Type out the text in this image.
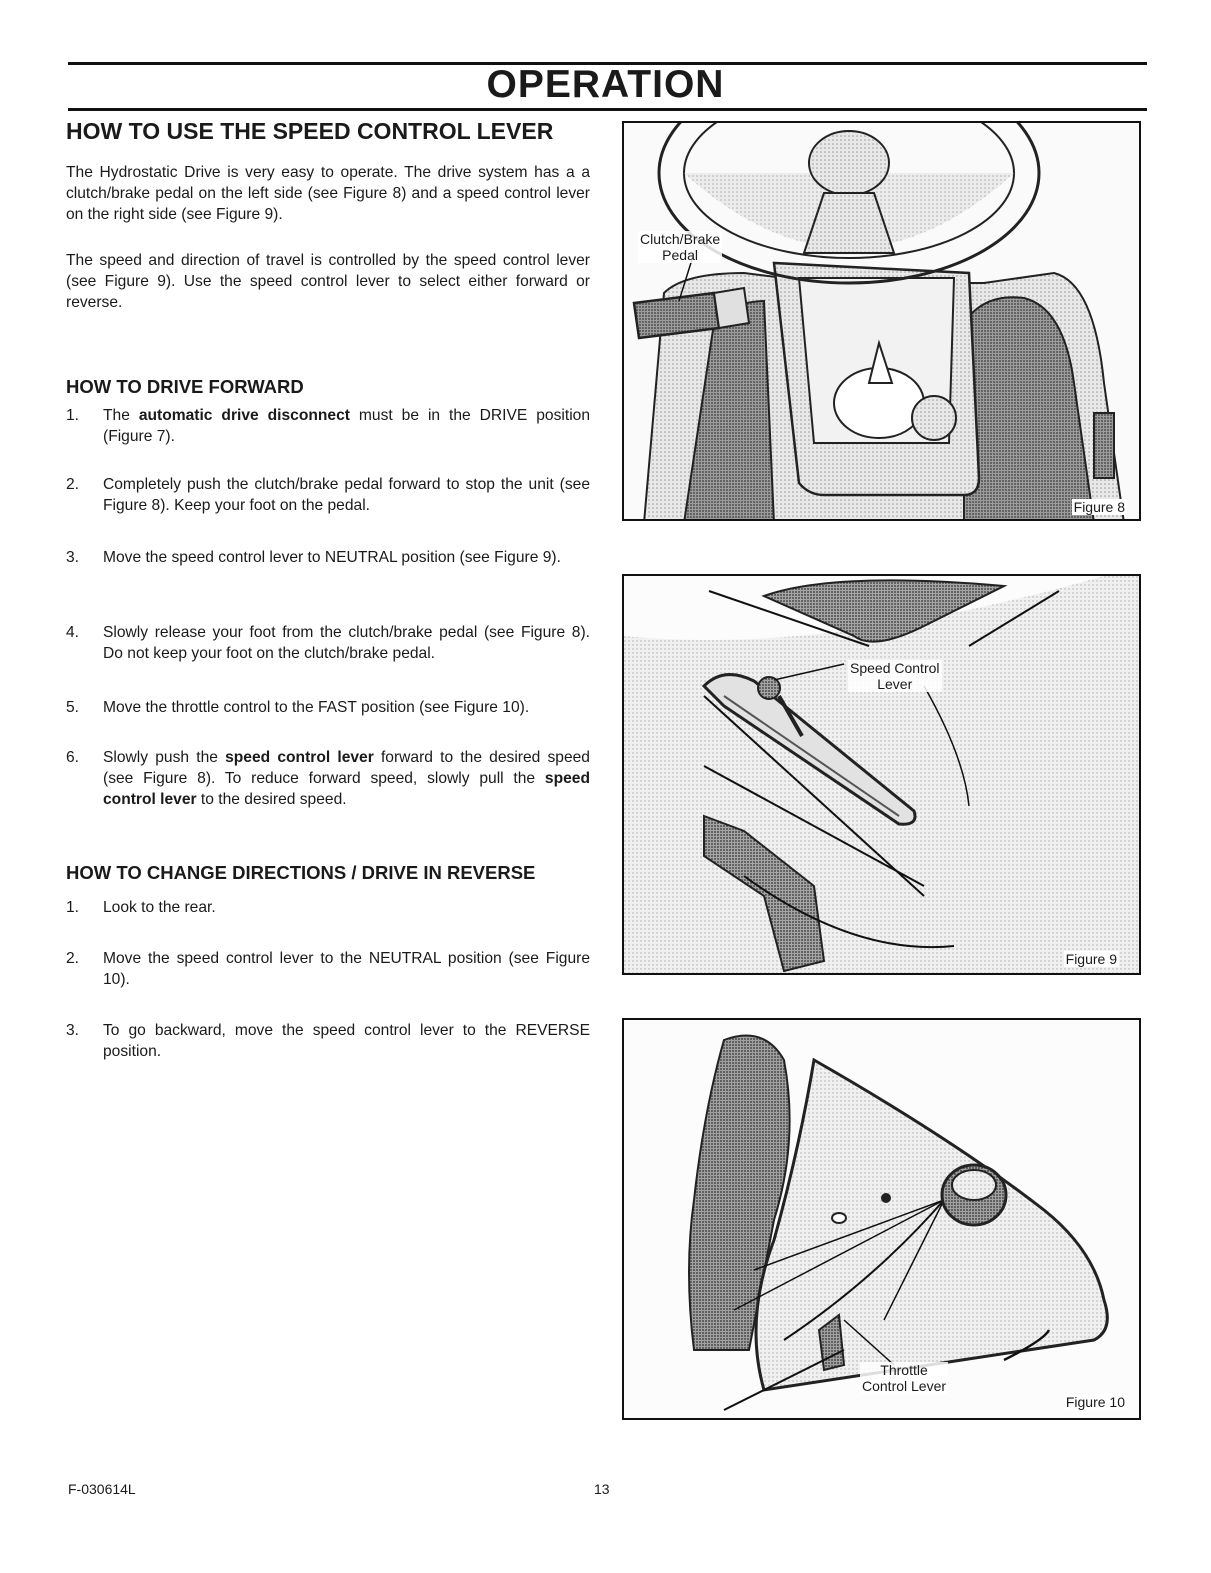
OPERATION
HOW TO USE THE SPEED CONTROL LEVER

The Hydrostatic Drive is very easy to operate. The drive system has a a clutch/brake pedal on the left side (see Figure 8) and a speed control lever on the right side (see Figure 9).

The speed and direction of travel is controlled by the speed control lever (see Figure 9). Use the speed control lever to select either forward or reverse.

HOW TO DRIVE FORWARD
1. The automatic drive disconnect must be in the DRIVE position (Figure 7).
2. Completely push the clutch/brake pedal forward to stop the unit (see Figure 8). Keep your foot on the pedal.
3. Move the speed control lever to NEUTRAL position (see Figure 9).
4. Slowly release your foot from the clutch/brake pedal (see Figure 8). Do not keep your foot on the clutch/brake pedal.
5. Move the throttle control to the FAST position (see Figure 10).
6. Slowly push the speed control lever forward to the desired speed (see Figure 8). To reduce forward speed, slowly pull the speed control lever to the desired speed.
HOW TO CHANGE DIRECTIONS / DRIVE IN REVERSE
1. Look to the rear.
2. Move the speed control lever to the NEUTRAL position (see Figure 10).
3. To go backward, move the speed control lever to the REVERSE position.
Clutch/Brake
Pedal
Figure 8
Speed Control
Lever
Figure 9
Throttle
Control Lever
Figure 10
F-030614L	13
